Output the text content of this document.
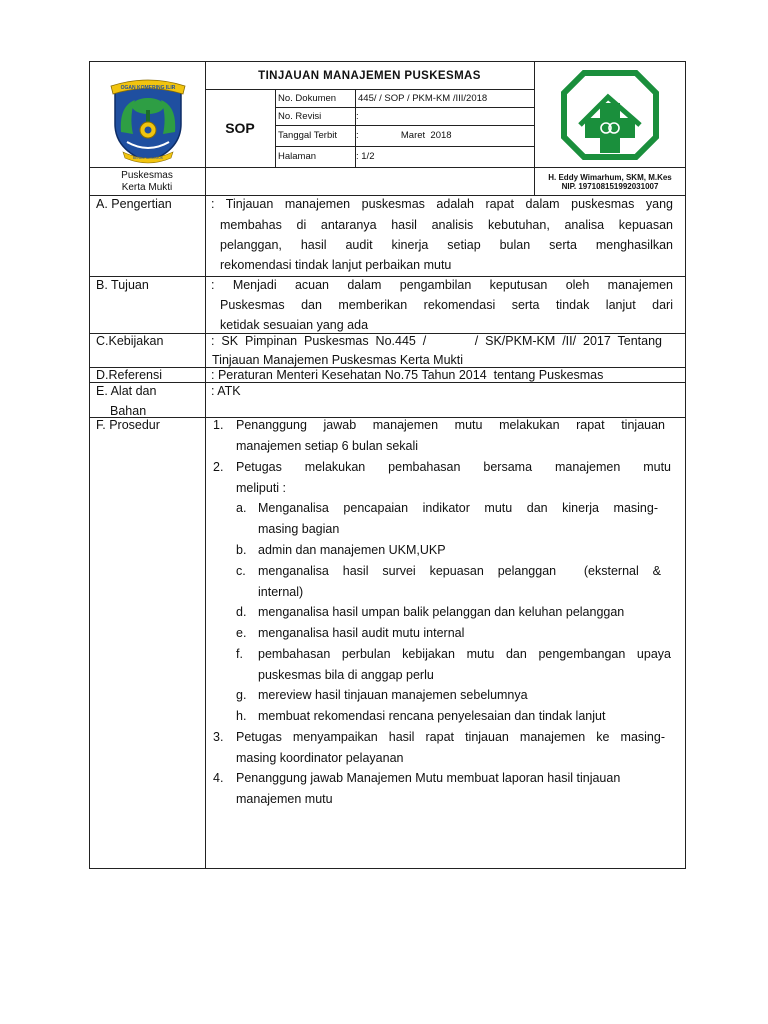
OGAN KOMERING ILIR
BENDE SEGUGUK
TINJAUAN MANAJEMEN PUSKESMAS
SOP
No. Dokumen 445/ / SOP / PKM-KM /III/2018
No. Revisi	:
Tanggal Terbit :                Maret  2018
Halaman	: 1/2
Puskesmas
Kerta Mukti
H. Eddy Wimarhum, SKM, M.Kes
NIP. 197108151992031007
A. Pengertian	: Tinjauan manajemen puskesmas adalah rapat dalam puskesmas yang
membahas di antaranya hasil analisis kebutuhan, analisa kepuasan
pelanggan, hasil audit kinerja setiap bulan serta menghasilkan
rekomendasi tindak lanjut perbaikan mutu
B. Tujuan	: Menjadi acuan dalam pengambilan keputusan oleh manajemen
Puskesmas dan memberikan rekomendasi serta tindak lanjut dari
ketidak sesuaian yang ada
C.Kebijakan	: SK Pimpinan Puskesmas No.445 /       / SK/PKM-KM /II/ 2017 Tentang
Tinjauan Manajemen Puskesmas Kerta Mukti
D.Referensi	: Peraturan Menteri Kesehatan No.75 Tahun 2014  tentang Puskesmas
E. Alat dan
Bahan
: ATK
F. Prosedur	1. Penanggung jawab manajemen mutu melakukan rapat tinjauan
manajemen setiap 6 bulan sekali
2. Petugas melakukan pembahasan bersama manajemen mutu
meliputi :
a. Menganalisa pencapaian indikator mutu dan kinerja masing-
masing bagian
b. admin dan manajemen UKM,UKP
c. menganalisa hasil survei kepuasan pelanggan  (eksternal &
internal)
d. menganalisa hasil umpan balik pelanggan dan keluhan pelanggan
e. menganalisa hasil audit mutu internal
f. pembahasan perbulan kebijakan mutu dan pengembangan upaya
puskesmas bila di anggap perlu
g. mereview hasil tinjauan manajemen sebelumnya
h. membuat rekomendasi rencana penyelesaian dan tindak lanjut
3. Petugas menyampaikan hasil rapat tinjauan manajemen ke masing-
masing koordinator pelayanan
4. Penanggung jawab Manajemen Mutu membuat laporan hasil tinjauan
manajemen mutu
